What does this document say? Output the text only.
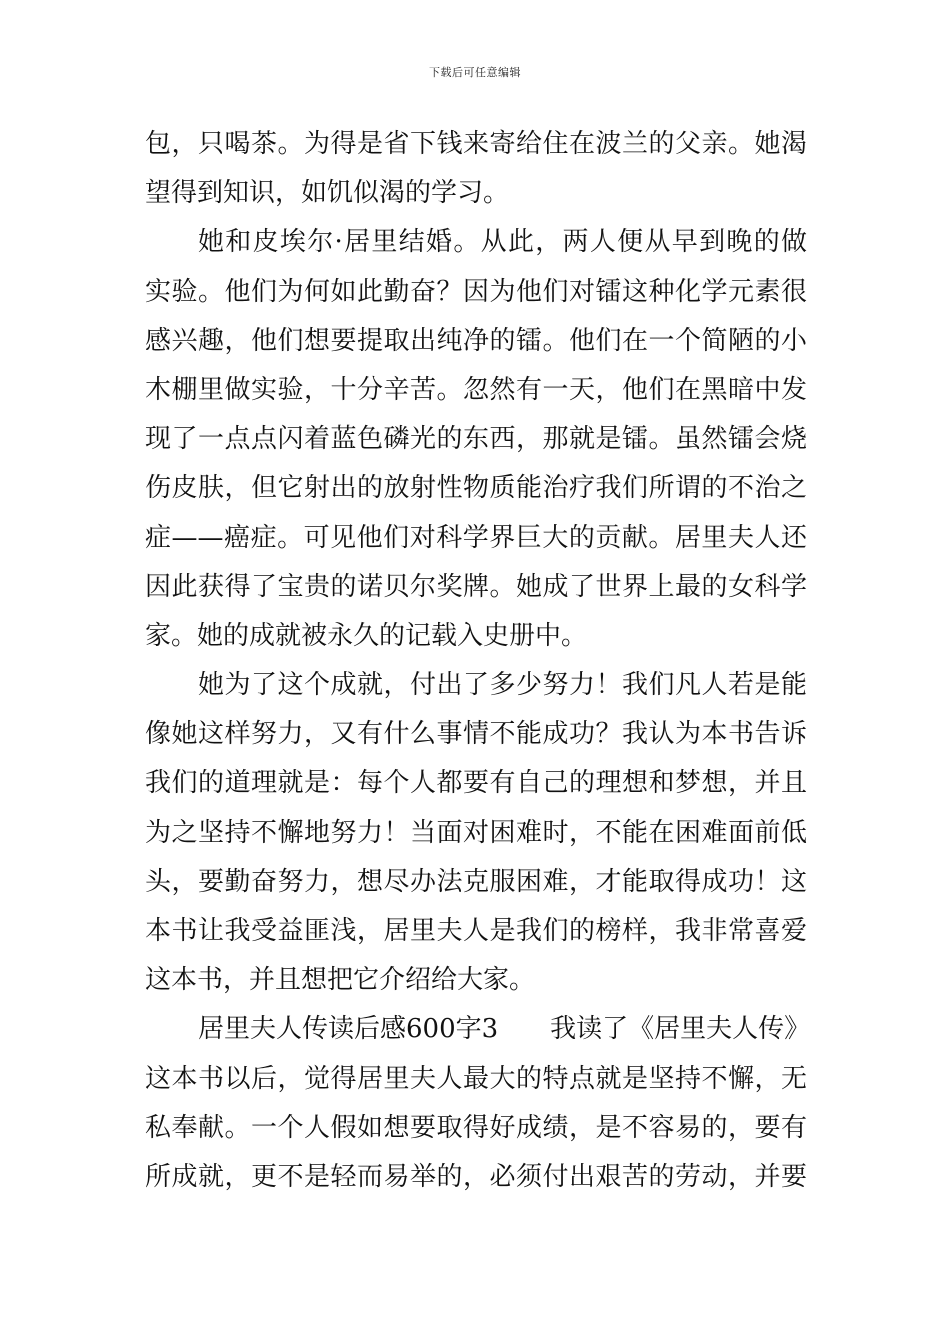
下载后可任意编辑
包，只喝茶。为得是省下钱来寄给住在波兰的父亲。她渴
望得到知识，如饥似渴的学习。
她和皮埃尔·居里结婚。从此，两人便从早到晚的做
实验。他们为何如此勤奋？因为他们对镭这种化学元素很
感兴趣，他们想要提取出纯净的镭。他们在一个简陋的小
木棚里做实验，十分辛苦。忽然有一天，他们在黑暗中发
现了一点点闪着蓝色磷光的东西，那就是镭。虽然镭会烧
伤皮肤，但它射出的放射性物质能治疗我们所谓的不治之
症——癌症。可见他们对科学界巨大的贡献。居里夫人还
因此获得了宝贵的诺贝尔奖牌。她成了世界上最的女科学
家。她的成就被永久的记载入史册中。
她为了这个成就，付出了多少努力！我们凡人若是能
像她这样努力，又有什么事情不能成功？我认为本书告诉
我们的道理就是：每个人都要有自己的理想和梦想，并且
为之坚持不懈地努力！当面对困难时，不能在困难面前低
头，要勤奋努力，想尽办法克服困难，才能取得成功！这
本书让我受益匪浅，居里夫人是我们的榜样，我非常喜爱
这本书，并且想把它介绍给大家。
居里夫人传读后感600字3　　我读了《居里夫人传》
这本书以后，觉得居里夫人最大的特点就是坚持不懈，无
私奉献。一个人假如想要取得好成绩，是不容易的，要有
所成就，更不是轻而易举的，必须付出艰苦的劳动，并要
